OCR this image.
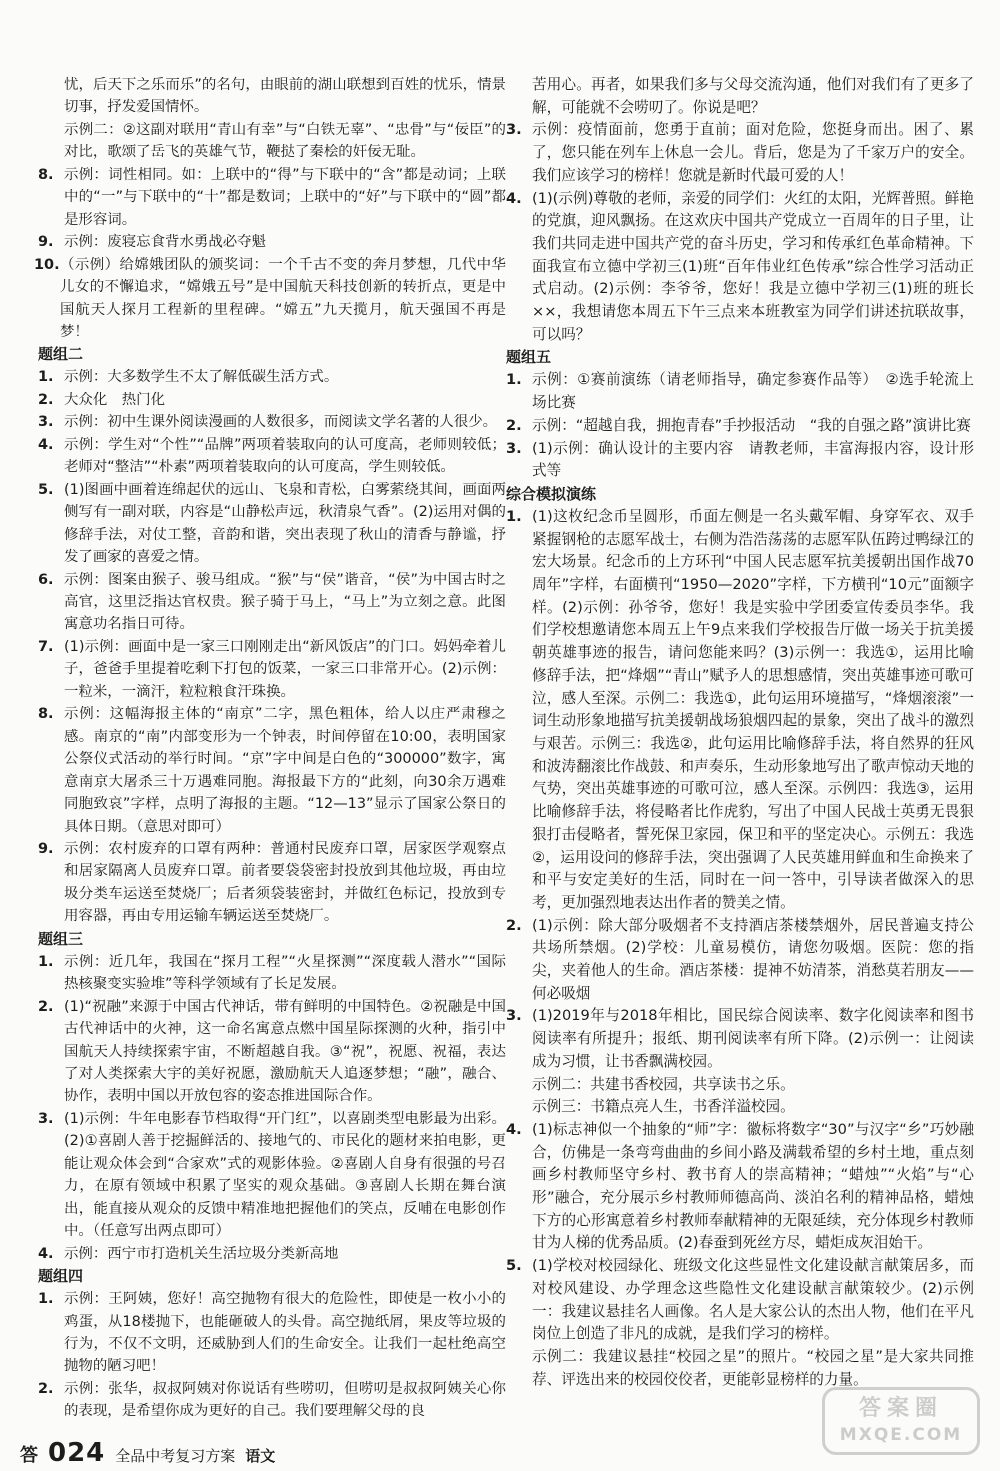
忧，后天下之乐而乐”的名句，由眼前的湖山联想到百姓的忧乐，情景切事，抒发爱国情怀。
示例二：②这副对联用“青山有幸”与“白铁无辜”、“忠骨”与“佞臣”的对比，歌颂了岳飞的英雄气节，鞭挞了秦桧的奸佞无耻。
8. 示例：词性相同。如：上联中的“得”与下联中的“含”都是动词；上联中的“一”与下联中的“十”都是数词；上联中的“好”与下联中的“圆”都是形容词。
9. 示例：废寝忘食背水勇战必夺魁
10. （示例）给嫦娥团队的颁奖词：一个千古不变的奔月梦想，几代中华儿女的不懈追求，“嫦娥五号”是中国航天科技创新的转折点，更是中国航天人探月工程新的里程碑。“嫦五”九天揽月，航天强国不再是梦！
题组二
1. 示例：大多数学生不太了解低碳生活方式。
2. 大众化　热门化
3. 示例：初中生课外阅读漫画的人数很多，而阅读文学名著的人很少。
4. 示例：学生对“个性”“品牌”两项着装取向的认可度高，老师则较低；老师对“整洁”“朴素”两项着装取向的认可度高，学生则较低。
5. (1)图画中画着连绵起伏的远山、飞泉和青松，白雾萦绕其间，画面两侧写有一副对联，内容是“山静松声远，秋清泉气香”。(2)运用对偶的修辞手法，对仗工整，音韵和谐，突出表现了秋山的清香与静谧，抒发了画家的喜爱之情。
6. 示例：图案由猴子、骏马组成。“猴”与“侯”谐音，“侯”为中国古时之高官，这里泛指达官权贵。猴子骑于马上，“马上”为立刻之意。此图寓意功名指日可待。
7. (1)示例：画面中是一家三口刚刚走出“新风饭店”的门口。妈妈牵着儿子，爸爸手里提着吃剩下打包的饭菜，一家三口非常开心。(2)示例：一粒米，一滴汗，粒粒粮食汗珠换。
8. 示例：这幅海报主体的“南京”二字，黑色粗体，给人以庄严肃穆之感。南京的“南”内部变形为一个钟表，时间停留在10:00，表明国家公祭仪式活动的举行时间。“京”字中间是白色的“300000”数字，寓意南京大屠杀三十万遇难同胞。海报最下方的“此刻，向30余万遇难同胞致哀”字样，点明了海报的主题。“12—13”显示了国家公祭日的具体日期。（意思对即可）
9. 示例：农村废弃的口罩有两种：普通村民废弃口罩，居家医学观察点和居家隔离人员废弃口罩。前者要袋袋密封投放到其他垃圾，再由垃圾分类车运送至焚烧厂；后者须袋装密封，并做红色标记，投放到专用容器，再由专用运输车辆运送至焚烧厂。
题组三
1. 示例：近几年，我国在“探月工程”“火星探测”“深度载人潜水”“国际热核聚变实验堆”等科学领域有了长足发展。
2. (1)“祝融”来源于中国古代神话，带有鲜明的中国特色。②祝融是中国古代神话中的火神，这一命名寓意点燃中国星际探测的火种，指引中国航天人持续探索宇宙，不断超越自我。③“祝”，祝愿、祝福，表达了对人类探索大宇的美好祝愿，激励航天人追逐梦想；“融”，融合、协作，表明中国以开放包容的姿态推进国际合作。
3. (1)示例：牛年电影春节档取得“开门红”，以喜剧类型电影最为出彩。(2)①喜剧人善于挖掘鲜活的、接地气的、市民化的题材来拍电影，更能让观众体会到“合家欢”式的观影体验。②喜剧人自身有很强的号召力，在原有领域中积累了坚实的观众基础。③喜剧人长期在舞台演出，能直接从观众的反馈中精准地把握他们的笑点，反哺在电影创作中。（任意写出两点即可）
4. 示例：西宁市打造机关生活垃圾分类新高地
题组四
1. 示例：王阿姨，您好！高空抛物有很大的危险性，即使是一枚小小的鸡蛋，从18楼抛下，也能砸破人的头骨。高空抛纸屑，果皮等垃圾的行为，不仅不文明，还威胁到人们的生命安全。让我们一起杜绝高空抛物的陋习吧！
2. 示例：张华，叔叔阿姨对你说话有些唠叨，但唠叨是叔叔阿姨关心你的表现，是希望你成为更好的自己。我们要理解父母的良
苦用心。再者，如果我们多与父母交流沟通，他们对我们有了更多了解，可能就不会唠叨了。你说是吧？
3. 示例：疫情面前，您勇于直前；面对危险，您挺身而出。困了、累了，您只能在列车上休息一会儿。背后，您是为了千家万户的安全。我们应该学习的榜样！您就是新时代最可爱的人！
4. (1)(示例)尊敬的老师，亲爱的同学们：火红的太阳，光辉普照。鲜艳的党旗，迎风飘扬。在这欢庆中国共产党成立一百周年的日子里，让我们共同走进中国共产党的奋斗历史，学习和传承红色革命精神。下面我宣布立德中学初三(1)班“百年伟业红色传承”综合性学习活动正式启动。(2)示例：李爷爷，您好！我是立德中学初三(1)班的班长××，我想请您本周五下午三点来本班教室为同学们讲述抗联故事，可以吗？
题组五
1. 示例：①赛前演练（请老师指导，确定参赛作品等）　②选手轮流上场比赛
2. 示例：“超越自我，拥抱青春”手抄报活动　“我的自强之路”演讲比赛
3. (1)示例：确认设计的主要内容　请教老师，丰富海报内容，设计形式等
综合模拟演练
1. (1)这枚纪念币呈圆形，币面左侧是一名头戴军帽、身穿军衣、双手紧握钢枪的志愿军战士，右侧为浩浩荡荡的志愿军队伍跨过鸭绿江的宏大场景。纪念币的上方环刊“中国人民志愿军抗美援朝出国作战70周年”字样，右面横刊“1950—2020”字样，下方横刊“10元”面额字样。(2)示例：孙爷爷，您好！我是实验中学团委宣传委员李华。我们学校想邀请您本周五上午9点来我们学校报告厅做一场关于抗美援朝英雄事迹的报告，请问您能来吗？(3)示例一：我选①，运用比喻修辞手法，把“烽烟”“青山”赋予人的思想感情，突出英雄事迹可歌可泣，感人至深。示例二：我选①，此句运用环境描写，“烽烟滚滚”一词生动形象地描写抗美援朝战场狼烟四起的景象，突出了战斗的激烈与艰苦。示例三：我选②，此句运用比喻修辞手法，将自然界的狂风和波涛翻滚比作战鼓、和声奏乐，生动形象地写出了歌声惊动天地的气势，突出英雄事迹的可歌可泣，感人至深。示例四：我选③，运用比喻修辞手法，将侵略者比作虎豹，写出了中国人民战士英勇无畏狠狠打击侵略者，誓死保卫家园，保卫和平的坚定决心。示例五：我选②，运用设问的修辞手法，突出强调了人民英雄用鲜血和生命换来了和平与安定美好的生活，同时在一问一答中，引导读者做深入的思考，更加强烈地表达出作者的赞美之情。
2. (1)示例：除大部分吸烟者不支持酒店茶楼禁烟外，居民普遍支持公共场所禁烟。(2)学校：儿童易模仿，请您勿吸烟。医院：您的指尖，夹着他人的生命。酒店茶楼：提神不妨清茶，消愁莫若朋友——何必吸烟
3. (1)2019年与2018年相比，国民综合阅读率、数字化阅读率和图书阅读率有所提升；报纸、期刊阅读率有所下降。(2)示例一：让阅读成为习惯，让书香飘满校园。
示例二：共建书香校园，共享读书之乐。
示例三：书籍点亮人生，书香洋溢校园。
4. (1)标志神似一个抽象的“师”字：徽标将数字“30”与汉字“乡”巧妙融合，仿佛是一条弯弯曲曲的乡间小路及满载希望的乡村土地，重点刻画乡村教师坚守乡村、教书育人的崇高精神；“蜡烛”“火焰”与“心形”融合，充分展示乡村教师师德高尚、淡泊名利的精神品格，蜡烛下方的心形寓意着乡村教师奉献精神的无限延续，充分体现乡村教师甘为人梯的优秀品质。(2)春蚕到死丝方尽，蜡炬成灰泪始干。
5. (1)学校对校园绿化、班级文化这些显性文化建设献言献策居多，而对校风建设、办学理念这些隐性文化建设献言献策较少。(2)示例一：我建议悬挂名人画像。名人是大家公认的杰出人物，他们在平凡岗位上创造了非凡的成就，是我们学习的榜样。
示例二：我建议悬挂“校园之星”的照片。“校园之星”是大家共同推荐、评选出来的校园佼佼者，更能彰显榜样的力量。
答 024 全品中考复习方案 语文
答案圈
MXQE.COM
